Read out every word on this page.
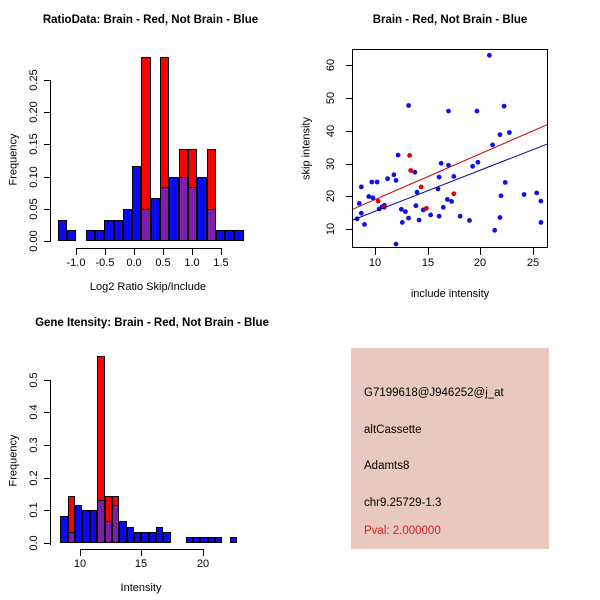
RatioData: Brain - Red, Not Brain - Blue
Frequency
Log2 Ratio Skip/Include
0.00
0.05
0.10
0.15
0.20
0.25
-1.0 -0.5	0.0	0.5	1.0	1.5
Brain - Red, Not Brain - Blue
skip intensity
include intensity
10	15	20	25
10
20
30
40
50
60
Gene Itensity: Brain - Red, Not Brain - Blue
Frequency
Intensity
0.0
0.1
0.2
0.3
0.4
0.5
10	15	20
G7199618@J946252@j_at
altCassette
Adamts8
chr9.25729-1.3
Pval: 2.000000
